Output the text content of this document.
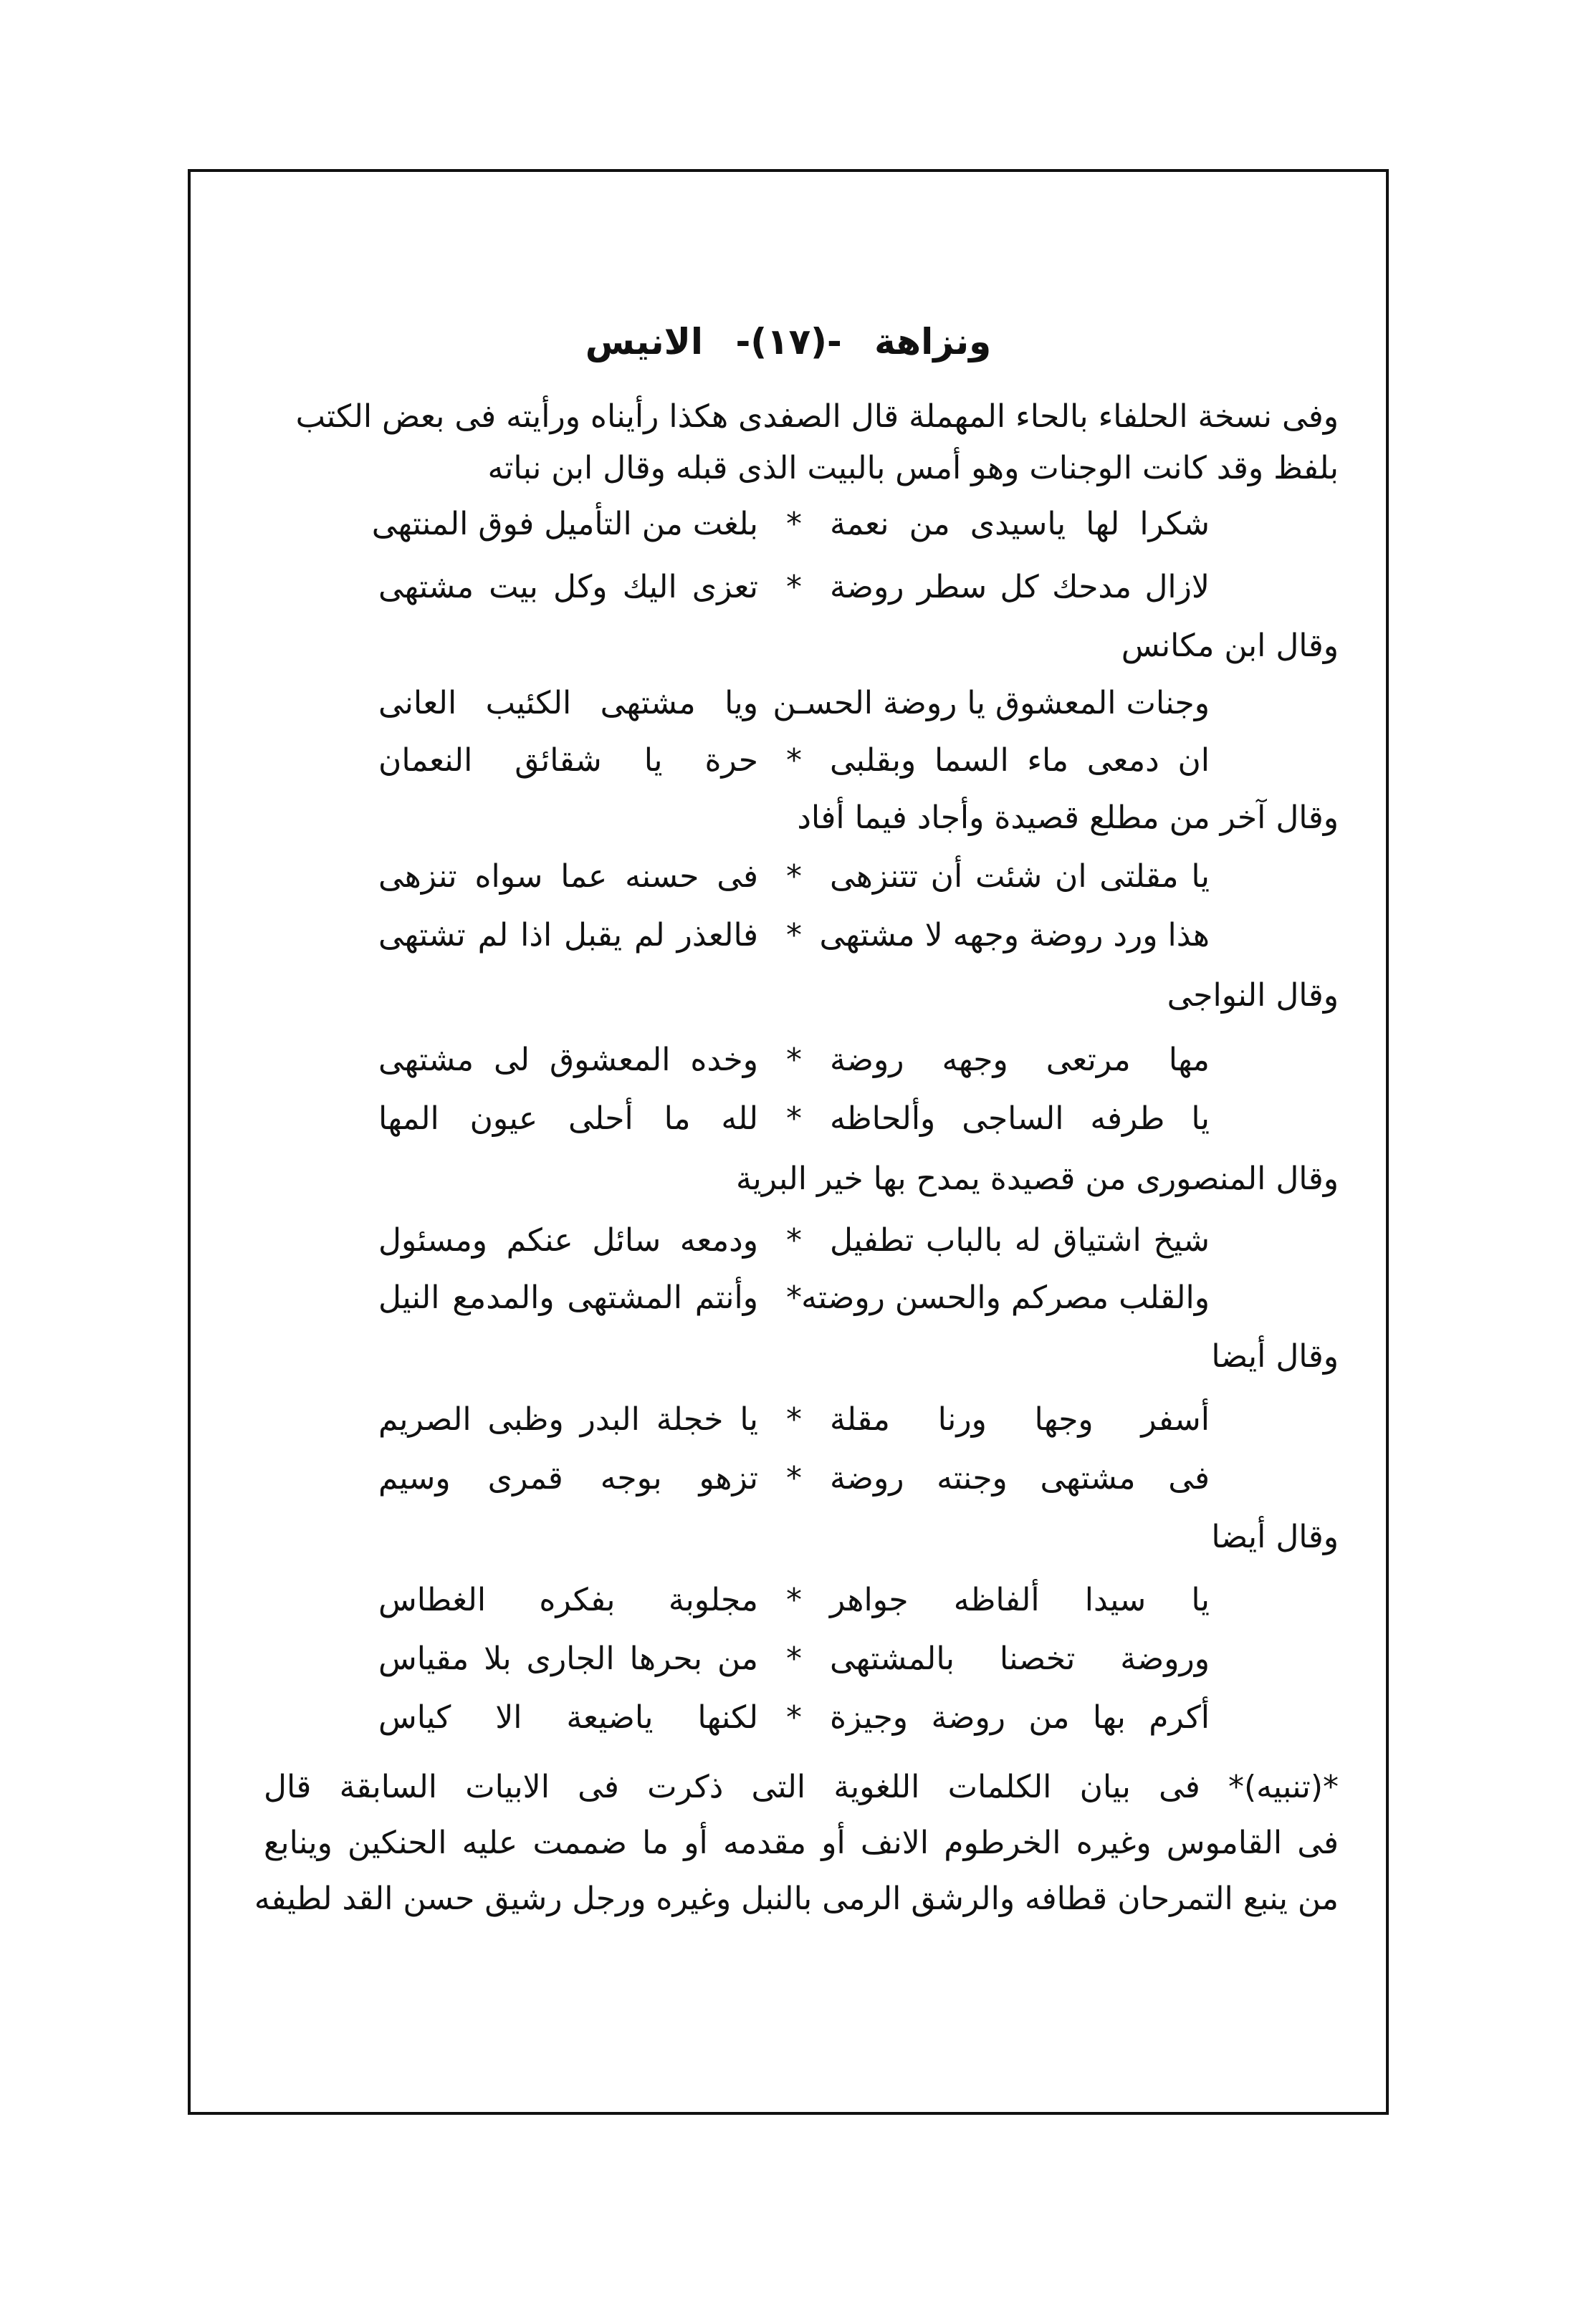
ونزاهة -(١٧)- الانيس
وفى نسخة الحلفاء بالحاء المهملة قال الصفدى هكذا رأيناه ورأيته فى بعض الكتب
بلفظ وقد كانت الوجنات وهو أمس بالبيت الذى قبله وقال ابن نباته
شكرا لها ياسيدى من نعمة
*
بلغت من التأميل فوق المنتهى
لازال مدحك كل سطر روضة
*
تعزى اليك وكل بيت مشتهى
وقال ابن مكانس
وجنات المعشوق يا روضة الحسـن
ويا مشتهى الكئيب العانى
ان دمعى ماء السما وبقلبى
*
حرة يا شقائق النعمان
وقال آخر من مطلع قصيدة وأجاد فيما أفاد
يا مقلتى ان شئت أن تتنزهى
*
فى حسنه عما سواه تنزهى
هذا ورد روضة وجهه لا مشتهى
*
فالعذر لم يقبل اذا لم تشتهى
وقال النواجى
مها مرتعى وجهه روضة
*
وخده المعشوق لى مشتهى
يا طرفه الساجى وألحاظه
*
لله ما أحلى عيون المها
وقال المنصورى من قصيدة يمدح بها خير البرية
شيخ اشتياق له بالباب تطفيل
*
ودمعه سائل عنكم ومسئول
والقلب مصركم والحسن روضته
*
وأنتم المشتهى والمدمع النيل
وقال أيضا
أسفر وجها ورنا مقلة
*
يا خجلة البدر وظبى الصريم
فى مشتهى وجنته روضة
*
تزهو بوجه قمرى وسيم
وقال أيضا
يا سيدا ألفاظه جواهر
*
مجلوبة بفكره الغطاس
وروضة تخصنا بالمشتهى
*
من بحرها الجارى بلا مقياس
أكرم بها من روضة وجيزة
*
لكنها ياضيعة الا كياس
*(تنبيه)* فى بيان الكلمات اللغوية التى ذكرت فى الابيات السابقة قال
فى القاموس وغيره الخرطوم الانف أو مقدمه أو ما ضممت عليه الحنكين وينابع
من ينبع التمرحان قطافه والرشق الرمى بالنبل وغيره ورجل رشيق حسن القد لطيفه
